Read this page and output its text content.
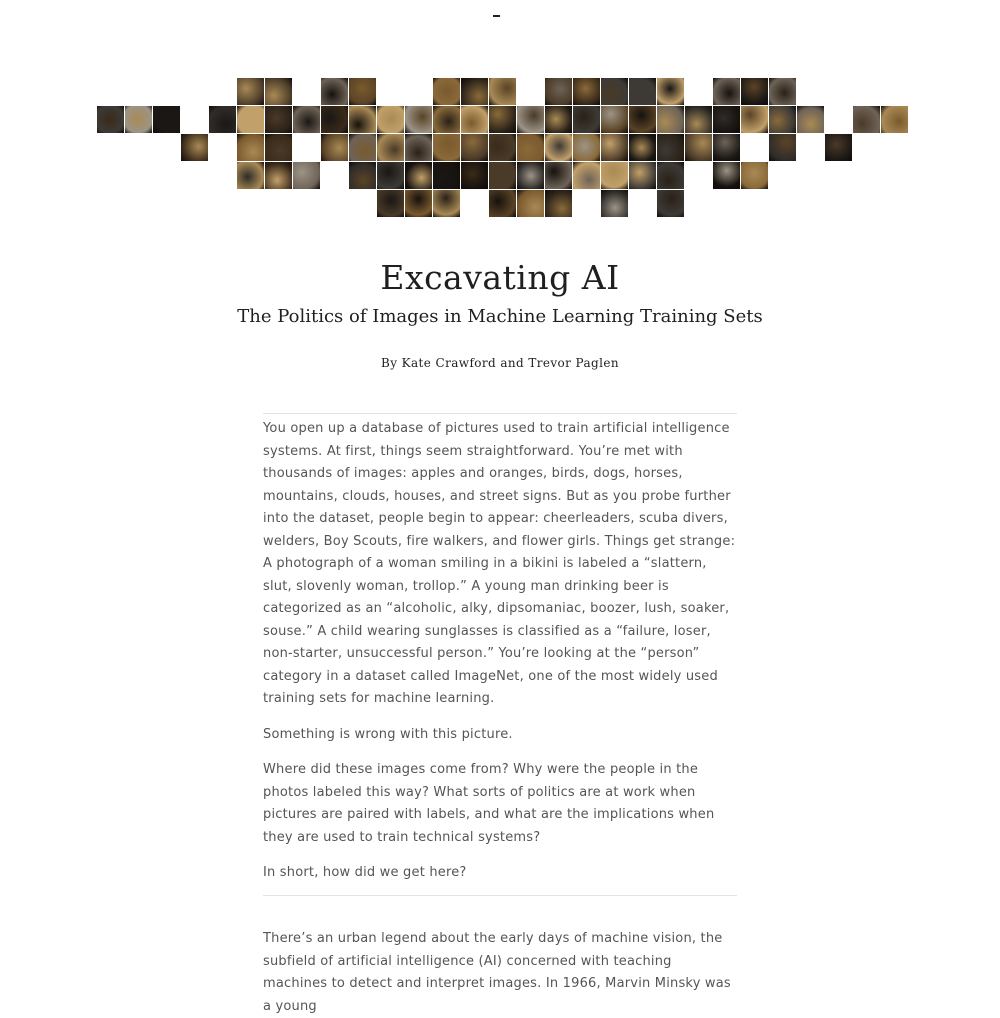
Excavating AI
The Politics of Images in Machine Learning Training Sets
By Kate Crawford and Trevor Paglen

You open up a database of pictures used to train artificial intelligence systems. At first, things seem straightforward. You’re met with thousands of images: apples and oranges, birds, dogs, horses, mountains, clouds, houses, and street signs. But as you probe further into the dataset, people begin to appear: cheerleaders, scuba divers, welders, Boy Scouts, fire walkers, and flower girls. Things get strange: A photograph of a woman smiling in a bikini is labeled a “slattern, slut, slovenly woman, trollop.” A young man drinking beer is categorized as an “alcoholic, alky, dipsomaniac, boozer, lush, soaker, souse.” A child wearing sunglasses is classified as a “failure, loser, non-starter, unsuccessful person.” You’re looking at the “person” category in a dataset called ImageNet, one of the most widely used training sets for machine learning.

Something is wrong with this picture.

Where did these images come from? Why were the people in the photos labeled this way? What sorts of politics are at work when pictures are paired with labels, and what are the implications when they are used to train technical systems?

In short, how did we get here?

There’s an urban legend about the early days of machine vision, the subfield of artificial intelligence (AI) concerned with teaching machines to detect and interpret images. In 1966, Marvin Minsky was a young
